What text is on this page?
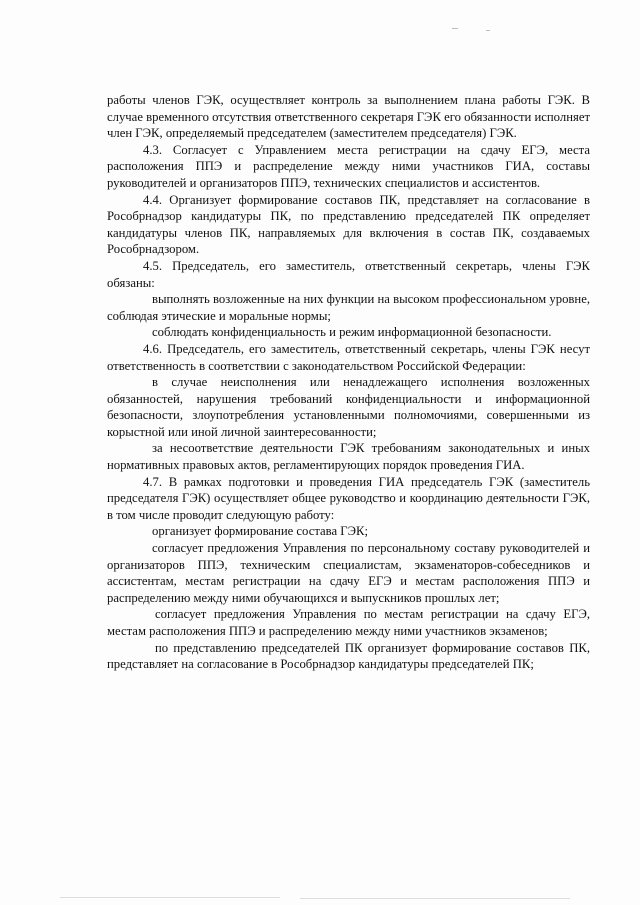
работы членов ГЭК, осуществляет контроль за выполнением плана работы ГЭК. В случае временного отсутствия ответственного секретаря ГЭК его обязанности исполняет член ГЭК, определяемый председателем (заместителем председателя) ГЭК.

4.3. Согласует с Управлением места регистрации на сдачу ЕГЭ, места расположения ППЭ и распределение между ними участников ГИА, составы руководителей и организаторов ППЭ, технических специалистов и ассистентов.

4.4. Организует формирование составов ПК, представляет на согласование в Рособрнадзор кандидатуры ПК, по представлению председателей ПК определяет кандидатуры членов ПК, направляемых для включения в состав ПК, создаваемых Рособрнадзором.

4.5. Председатель, его заместитель, ответственный секретарь, члены ГЭК обязаны:

выполнять возложенные на них функции на высоком профессиональном уровне, соблюдая этические и моральные нормы;

соблюдать конфиденциальность и режим информационной безопасности.

4.6. Председатель, его заместитель, ответственный секретарь, члены ГЭК несут ответственность в соответствии с законодательством Российской Федерации:

в случае неисполнения или ненадлежащего исполнения возложенных обязанностей, нарушения требований конфиденциальности и информационной безопасности, злоупотребления установленными полномочиями, совершенными из корыстной или иной личной заинтересованности;

за несоответствие деятельности ГЭК требованиям законодательных и иных нормативных правовых актов, регламентирующих порядок проведения ГИА.

4.7. В рамках подготовки и проведения ГИА председатель ГЭК (заместитель председателя ГЭК) осуществляет общее руководство и координацию деятельности ГЭК, в том числе проводит следующую работу:

организует формирование состава ГЭК;

согласует предложения Управления по персональному составу руководителей и организаторов ППЭ, техническим специалистам, экзаменаторов-собеседников и ассистентам, местам регистрации на сдачу ЕГЭ и местам расположения ППЭ и распределению между ними обучающихся и выпускников прошлых лет;

согласует предложения Управления по местам регистрации на сдачу ЕГЭ, местам расположения ППЭ и распределению между ними участников экзаменов;

по представлению председателей ПК организует формирование составов ПК, представляет на согласование в Рособрнадзор кандидатуры председателей ПК;
